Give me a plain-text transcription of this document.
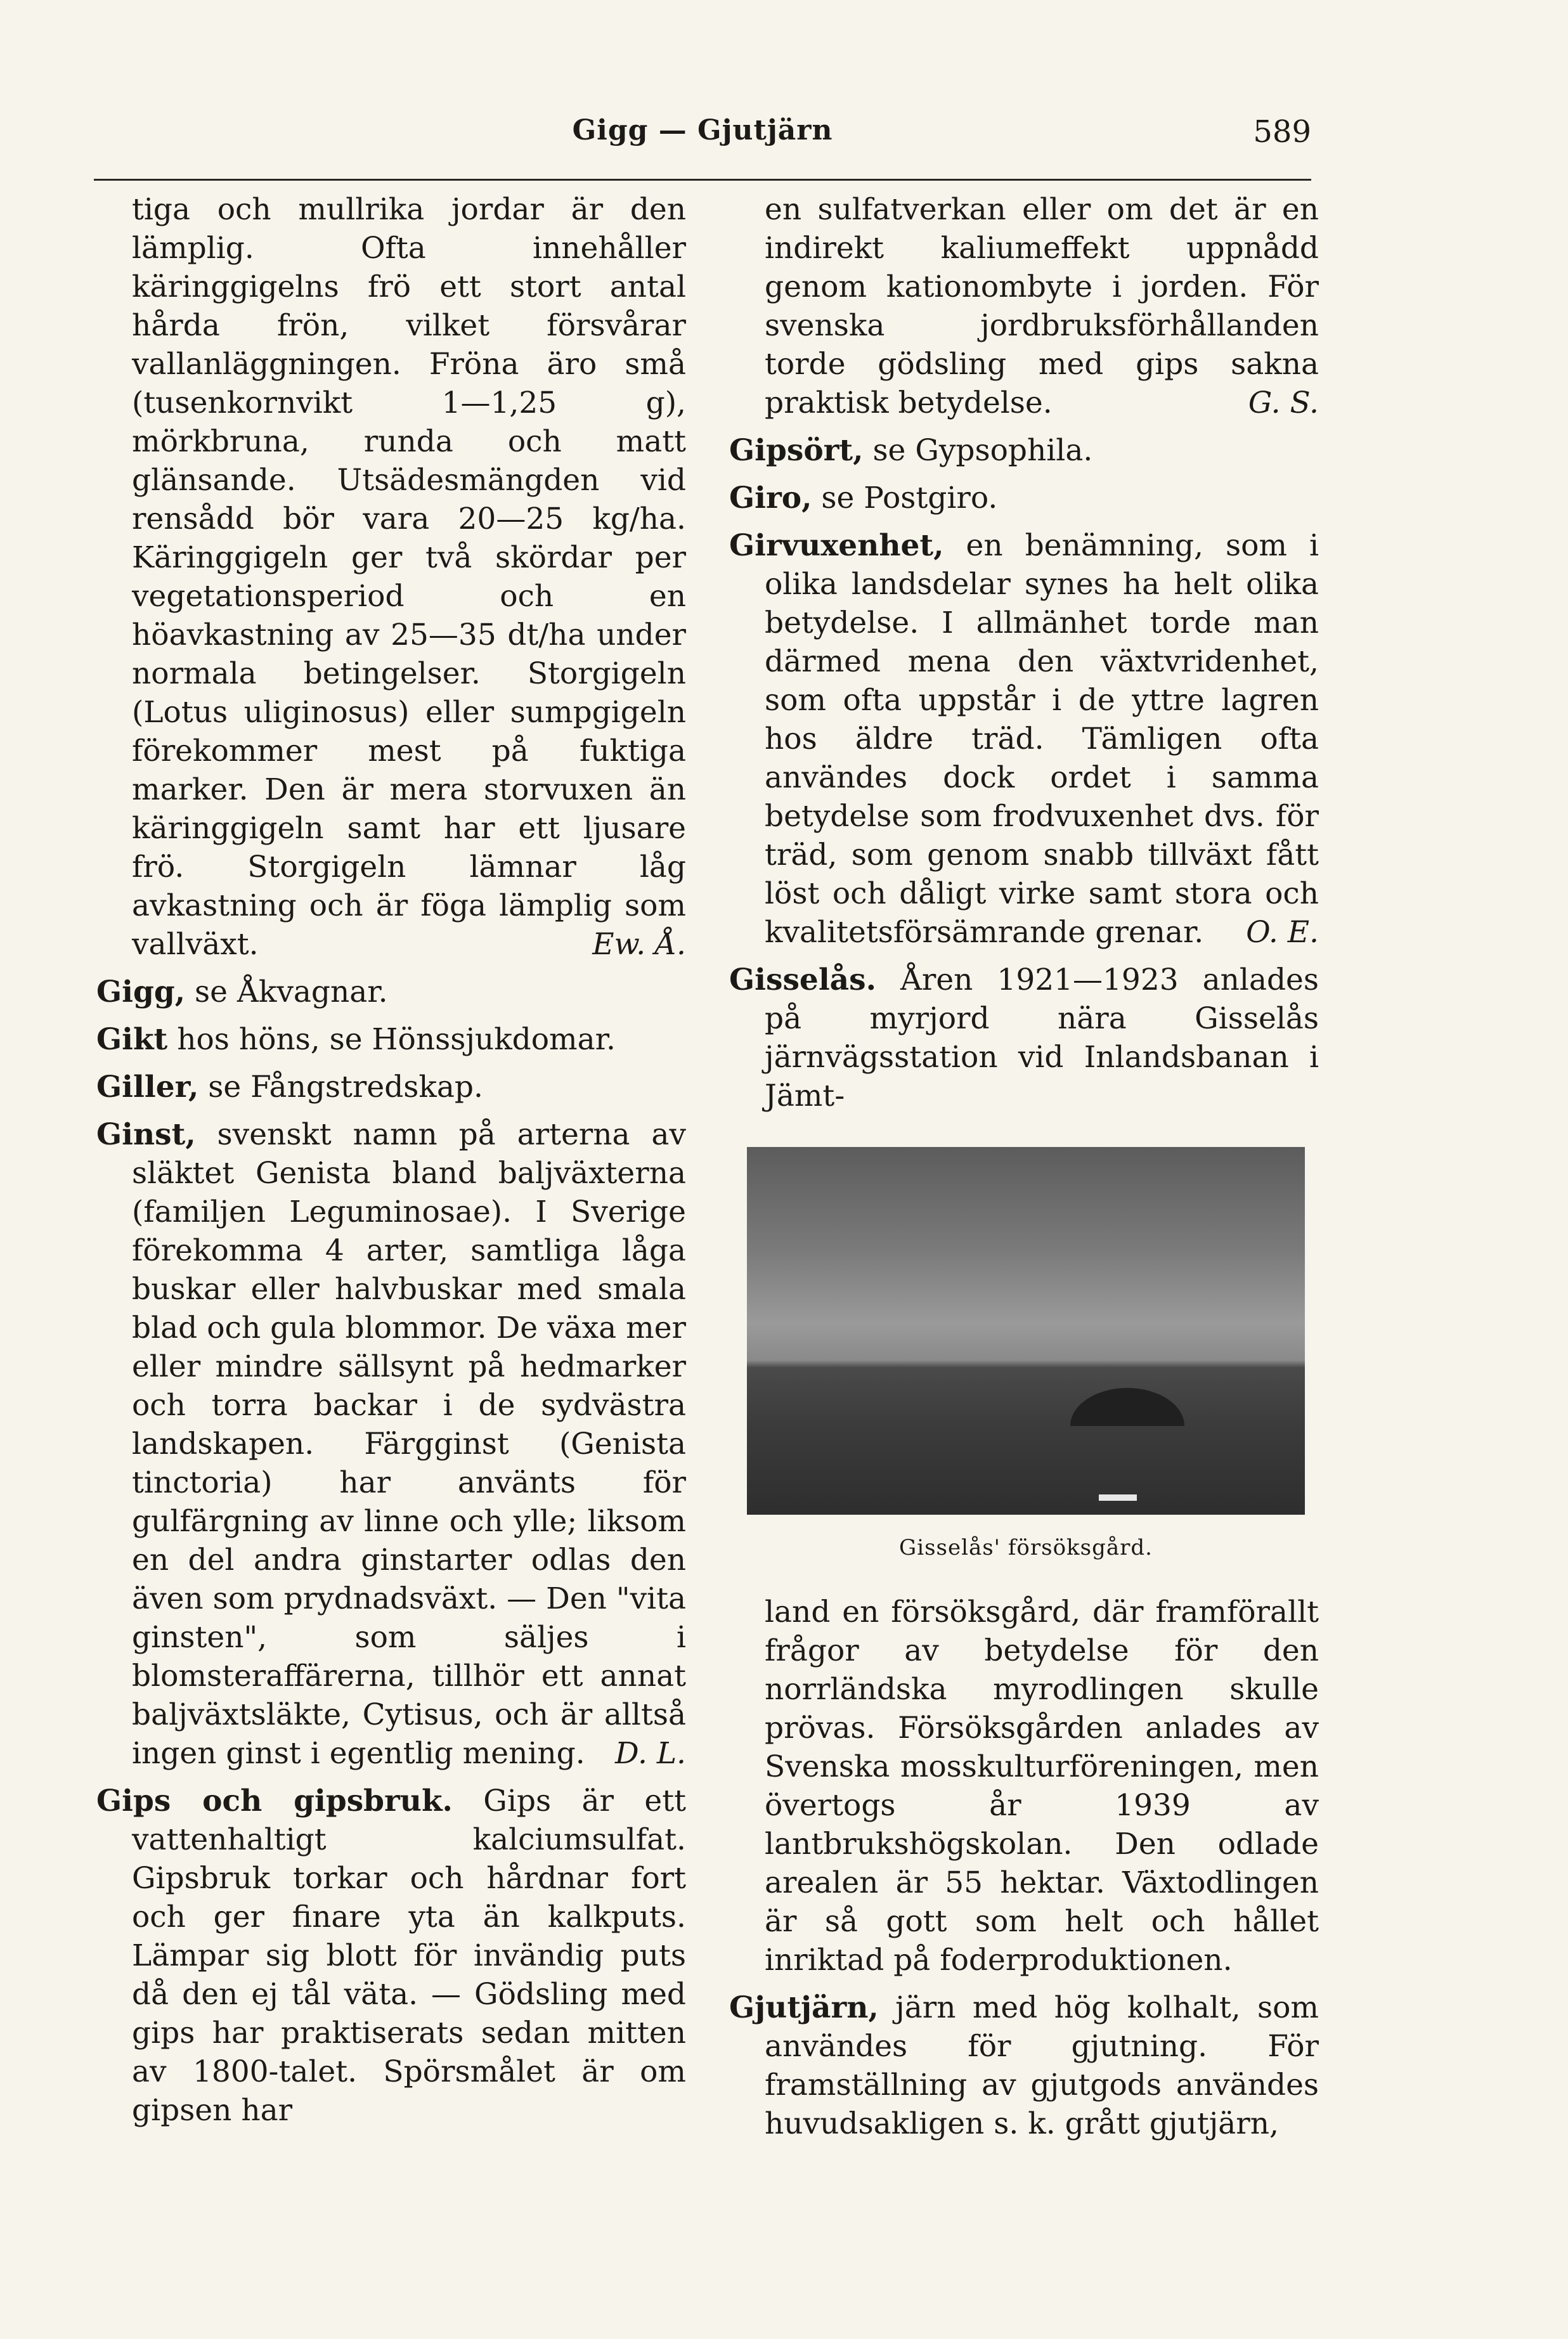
Gigg — Gjutjärn	589

tiga och mullrika jordar är den lämplig. Ofta innehåller käringgigelns frö ett stort antal hårda frön, vilket försvårar vallanläggningen. Fröna äro små (tusenkornvikt 1—1,25 g), mörkbruna, runda och matt glänsande. Utsädesmängden vid rensådd bör vara 20—25 kg/ha. Käringgigeln ger två skördar per vegetationsperiod och en höavkastning av 25—35 dt/ha under normala betingelser. Storgigeln (Lotus uliginosus) eller sumpgigeln förekommer mest på fuktiga marker. Den är mera storvuxen än käringgigeln samt har ett ljusare frö. Storgigeln lämnar låg avkastning och är föga lämplig som vallväxt.	Ew. Å.

Gigg, se Åkvagnar.

Gikt hos höns, se Hönssjukdomar.

Giller, se Fångstredskap.

Ginst, svenskt namn på arterna av släktet Genista bland baljväxterna (familjen Leguminosae). I Sverige förekomma 4 arter, samtliga låga buskar eller halvbuskar med smala blad och gula blommor. De växa mer eller mindre sällsynt på hedmarker och torra backar i de sydvästra landskapen. Färgginst (Genista tinctoria) har använts för gulfärgning av linne och ylle; liksom en del andra ginstarter odlas den även som prydnadsväxt. — Den "vita ginsten", som säljes i blomsteraffärerna, tillhör ett annat baljväxtsläkte, Cytisus, och är alltså ingen ginst i egentlig mening. D. L.

Gips och gipsbruk. Gips är ett vattenhaltigt kalciumsulfat. Gipsbruk torkar och hårdnar fort och ger finare yta än kalkputs. Lämpar sig blott för invändig puts då den ej tål väta. — Gödsling med gips har praktiserats sedan mitten av 1800-talet. Spörsmålet är om gipsen har

en sulfatverkan eller om det är en indirekt kaliumeffekt uppnådd genom kationombyte i jorden. För svenska jordbruksförhållanden torde gödsling med gips sakna praktisk betydelse.	G. S.

Gipsört, se Gypsophila.

Giro, se Postgiro.

Girvuxenhet, en benämning, som i olika landsdelar synes ha helt olika betydelse. I allmänhet torde man därmed mena den växtvridenhet, som ofta uppstår i de yttre lagren hos äldre träd. Tämligen ofta användes dock ordet i samma betydelse som frodvuxenhet dvs. för träd, som genom snabb tillväxt fått löst och dåligt virke samt stora och kvalitetsförsämrande grenar. O. E.

Gisselås. Åren 1921—1923 anlades på myrjord nära Gisselås järnvägsstation vid Inlandsbanan i Jämt-

Gisselås' försöksgård.

land en försöksgård, där framförallt frågor av betydelse för den norrländska myrodlingen skulle prövas. Försöksgården anlades av Svenska mosskulturföreningen, men övertogs år 1939 av lantbrukshögskolan. Den odlade arealen är 55 hektar. Växtodlingen är så gott som helt och hållet inriktad på foderproduktionen.

Gjutjärn, järn med hög kolhalt, som användes för gjutning. För framställning av gjutgods användes huvudsakligen s. k. grått gjutjärn,
